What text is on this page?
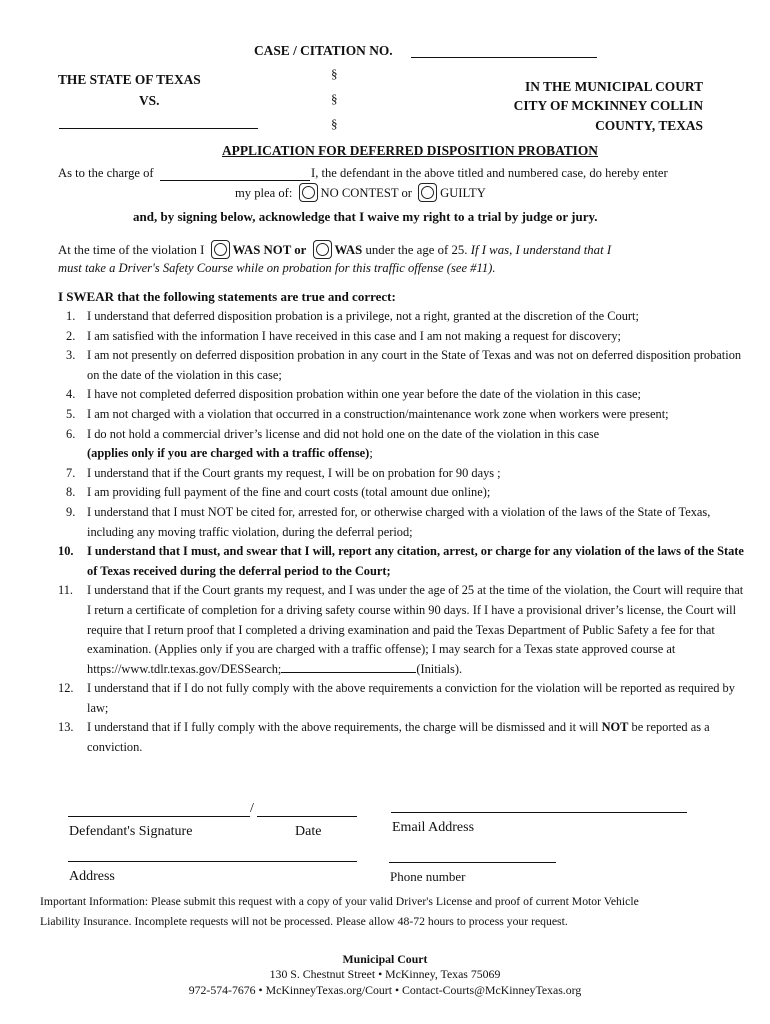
CASE / CITATION NO.
THE STATE OF TEXAS
VS.
§
§
§
IN THE MUNICIPAL COURT
CITY OF MCKINNEY COLLIN
COUNTY, TEXAS
APPLICATION FOR DEFERRED DISPOSITION PROBATION
As to the charge of	I, the defendant in the above titled and numbered case, do hereby enter
my plea of: NO CONTEST or GUILTY
and, by signing below, acknowledge that I waive my right to a trial by judge or jury.
At the time of the violation I WAS NOT or WAS under the age of 25. If I was, I understand that I
must take a Driver's Safety Course while on probation for this traffic offense (see #11).
I SWEAR that the following statements are true and correct:
1. I understand that deferred disposition probation is a privilege, not a right, granted at the discretion of the Court;
2. I am satisfied with the information I have received in this case and I am not making a request for discovery;
3. I am not presently on deferred disposition probation in any court in the State of Texas and was not on deferred disposition probation on the date of the violation in this case;
4. I have not completed deferred disposition probation within one year before the date of the violation in this case;
5. I am not charged with a violation that occurred in a construction/maintenance work zone when workers were present;
6. I do not hold a commercial driver’s license and did not hold one on the date of the violation in this case
(applies only if you are charged with a traffic offense);
7. I understand that if the Court grants my request, I will be on probation for 90 days ;
8. I am providing full payment of the fine and court costs (total amount due online);
9. I understand that I must NOT be cited for, arrested for, or otherwise charged with a violation of the laws of the State of Texas, including any moving traffic violation, during the deferral period;
10. I understand that I must, and swear that I will, report any citation, arrest, or charge for any violation of the laws of the State of Texas received during the deferral period to the Court;
11. I understand that if the Court grants my request, and I was under the age of 25 at the time of the violation, the Court will require that I return a certificate of completion for a driving safety course within 90 days. If I have a provisional driver’s license, the Court will require that I return proof that I completed a driving examination and paid the Texas Department of Public Safety a fee for that examination. (Applies only if you are charged with a traffic offense); I may search for a Texas state approved course at https://www.tdlr.texas.gov/DESSearch;	(Initials).
12. I understand that if I do not fully comply with the above requirements a conviction for the violation will be reported as required by law;
13. I understand that if I fully comply with the above requirements, the charge will be dismissed and it will NOT be reported as a conviction.
/
Defendant's Signature	Date	Email Address
Address	Phone number
Important Information: Please submit this request with a copy of your valid Driver's License and proof of current Motor Vehicle
Liability Insurance. Incomplete requests will not be processed. Please allow 48-72 hours to process your request.
Municipal Court
130 S. Chestnut Street • McKinney, Texas 75069
972-574-7676 • McKinneyTexas.org/Court • Contact-Courts@McKinneyTexas.org
